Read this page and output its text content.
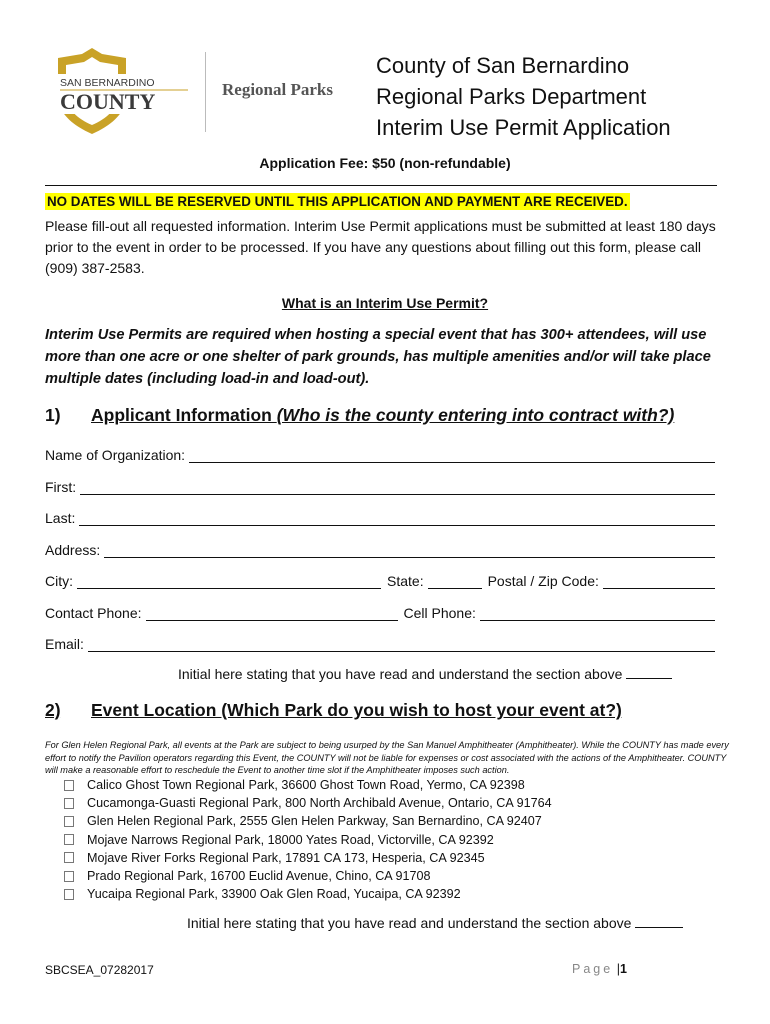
SAN BERNARDINO
COUNTY	Regional Parks
County of San Bernardino
Regional Parks Department
Interim Use Permit Application
Application Fee: $50 (non-refundable)
NO DATES WILL BE RESERVED UNTIL THIS APPLICATION AND PAYMENT ARE RECEIVED.
Please fill-out all requested information. Interim Use Permit applications must be submitted at least 180 days prior to the event in order to be processed. If you have any questions about filling out this form, please call (909) 387-2583.
What is an Interim Use Permit?
Interim Use Permits are required when hosting a special event that has 300+ attendees, will use more than one acre or one shelter of park grounds, has multiple amenities and/or will take place multiple dates (including load-in and load-out).
1) Applicant Information (Who is the county entering into contract with?)
Name of Organization:
First:
Last:
Address:
City:	State:	Postal / Zip Code:
Contact Phone:	Cell Phone:
Email:
Initial here stating that you have read and understand the section above
2) Event Location (Which Park do you wish to host your event at?)
For Glen Helen Regional Park, all events at the Park are subject to being usurped by the San Manuel Amphitheater (Amphitheater). While the COUNTY has made every effort to notify the Pavilion operators regarding this Event, the COUNTY will not be liable for expenses or cost associated with the actions of the Amphitheater. COUNTY will make a reasonable effort to reschedule the Event to another time slot if the Amphitheater imposes such action.
Calico Ghost Town Regional Park, 36600 Ghost Town Road, Yermo, CA 92398
Cucamonga-Guasti Regional Park, 800 North Archibald Avenue, Ontario, CA 91764
Glen Helen Regional Park, 2555 Glen Helen Parkway, San Bernardino, CA 92407
Mojave Narrows Regional Park, 18000 Yates Road, Victorville, CA 92392
Mojave River Forks Regional Park, 17891 CA 173, Hesperia, CA 92345
Prado Regional Park, 16700 Euclid Avenue, Chino, CA 91708
Yucaipa Regional Park, 33900 Oak Glen Road, Yucaipa, CA 92392
Initial here stating that you have read and understand the section above
SBCSEA_07282017	Page |1
